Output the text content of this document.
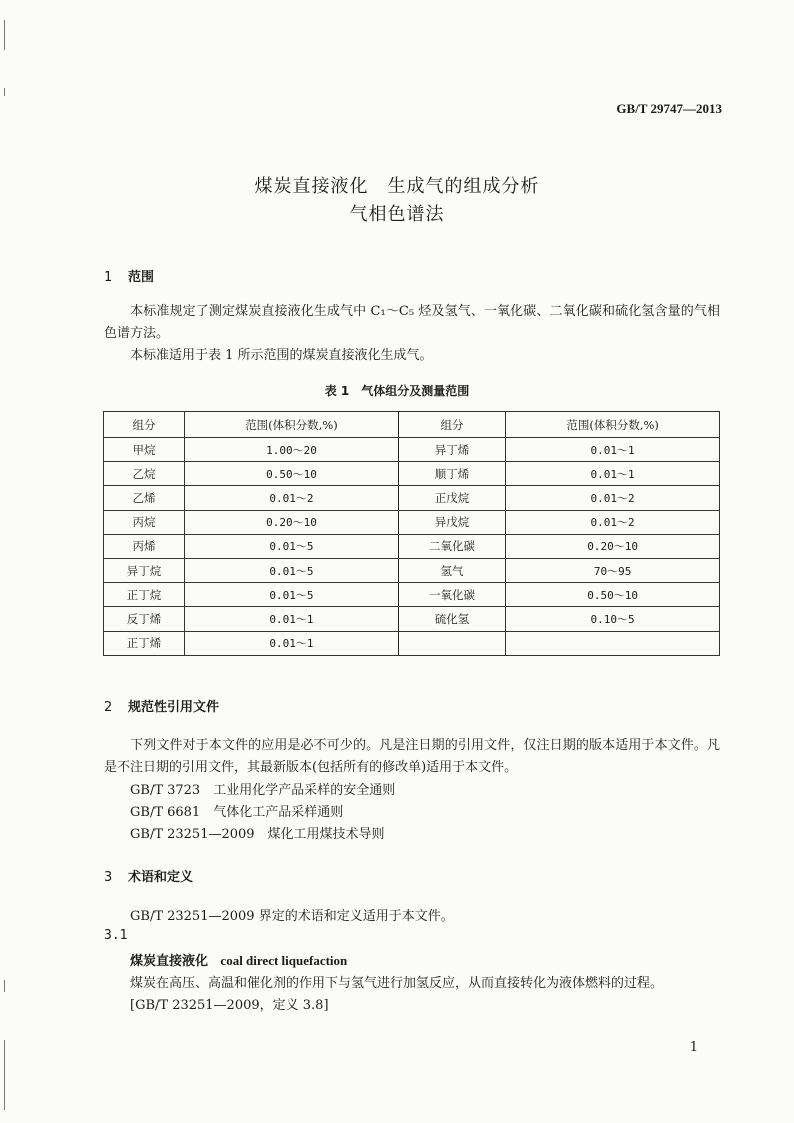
GB/T 29747—2013
煤炭直接液化　生成气的组成分析
气相色谱法
1 范围
本标准规定了测定煤炭直接液化生成气中 C₁～C₅ 烃及氢气、一氧化碳、二氧化碳和硫化氢含量的气相色谱方法。
本标准适用于表 1 所示范围的煤炭直接液化生成气。
表 1　气体组分及测量范围
组分	范围(体积分数,%)	组分	范围(体积分数,%)
甲烷	1.00～20	异丁烯	0.01～1
乙烷	0.50～10	顺丁烯	0.01～1
乙烯	0.01～2	正戊烷	0.01～2
丙烷	0.20～10	异戊烷	0.01～2
丙烯	0.01～5	二氧化碳	0.20～10
异丁烷	0.01～5	氢气	70～95
正丁烷	0.01～5	一氧化碳	0.50～10
反丁烯	0.01～1	硫化氢	0.10～5
正丁烯	0.01～1		
2 规范性引用文件
下列文件对于本文件的应用是必不可少的。凡是注日期的引用文件，仅注日期的版本适用于本文件。凡是不注日期的引用文件，其最新版本(包括所有的修改单)适用于本文件。
GB/T 3723　工业用化学产品采样的安全通则
GB/T 6681　气体化工产品采样通则
GB/T 23251—2009　煤化工用煤技术导则
3 术语和定义
GB/T 23251—2009 界定的术语和定义适用于本文件。
3.1
煤炭直接液化 coal direct liquefaction
煤炭在高压、高温和催化剂的作用下与氢气进行加氢反应，从而直接转化为液体燃料的过程。
[GB/T 23251—2009，定义 3.8]
1
